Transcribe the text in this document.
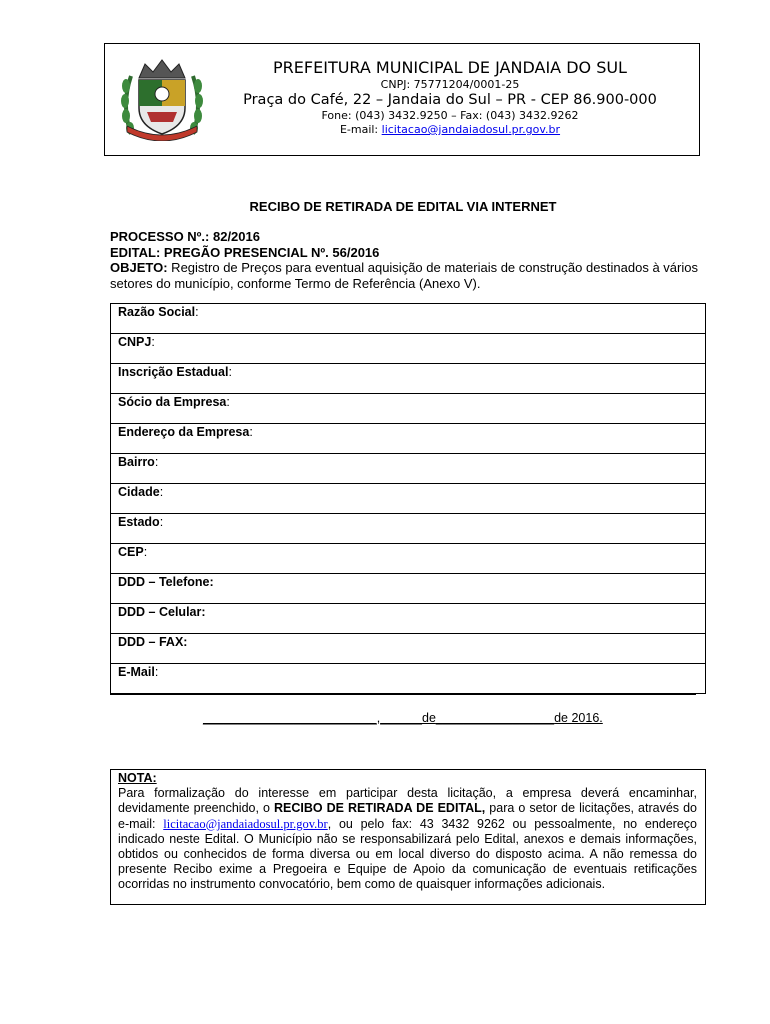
PREFEITURA MUNICIPAL DE JANDAIA DO SUL
CNPJ: 75771204/0001-25
Praça do Café, 22 – Jandaia do Sul – PR - CEP 86.900-000
Fone: (043) 3432.9250 – Fax: (043) 3432.9262
E-mail: licitacao@jandaiadosul.pr.gov.br
RECIBO DE RETIRADA DE EDITAL VIA INTERNET
PROCESSO Nº.: 82/2016
EDITAL: PREGÃO PRESENCIAL Nº. 56/2016
OBJETO: Registro de Preços para eventual aquisição de materiais de construção destinados à vários setores do município, conforme Termo de Referência (Anexo V).
Razão Social:
CNPJ:
Inscrição Estadual:
Sócio da Empresa:
Endereço da Empresa:
Bairro:
Cidade:
Estado:
CEP:
DDD – Telefone:
DDD – Celular:
DDD – FAX:
E-Mail:
_________________________,______de_________________de 2016.
NOTA:
Para formalização do interesse em participar desta licitação, a empresa deverá encaminhar, devidamente preenchido, o RECIBO DE RETIRADA DE EDITAL, para o setor de licitações, através do e-mail: licitacao@jandaiadosul.pr.gov.br, ou pelo fax: 43 3432 9262 ou pessoalmente, no endereço indicado neste Edital. O Município não se responsabilizará pelo Edital, anexos e demais informações, obtidos ou conhecidos de forma diversa ou em local diverso do disposto acima. A não remessa do presente Recibo exime a Pregoeira e Equipe de Apoio da comunicação de eventuais retificações ocorridas no instrumento convocatório, bem como de quaisquer informações adicionais.
